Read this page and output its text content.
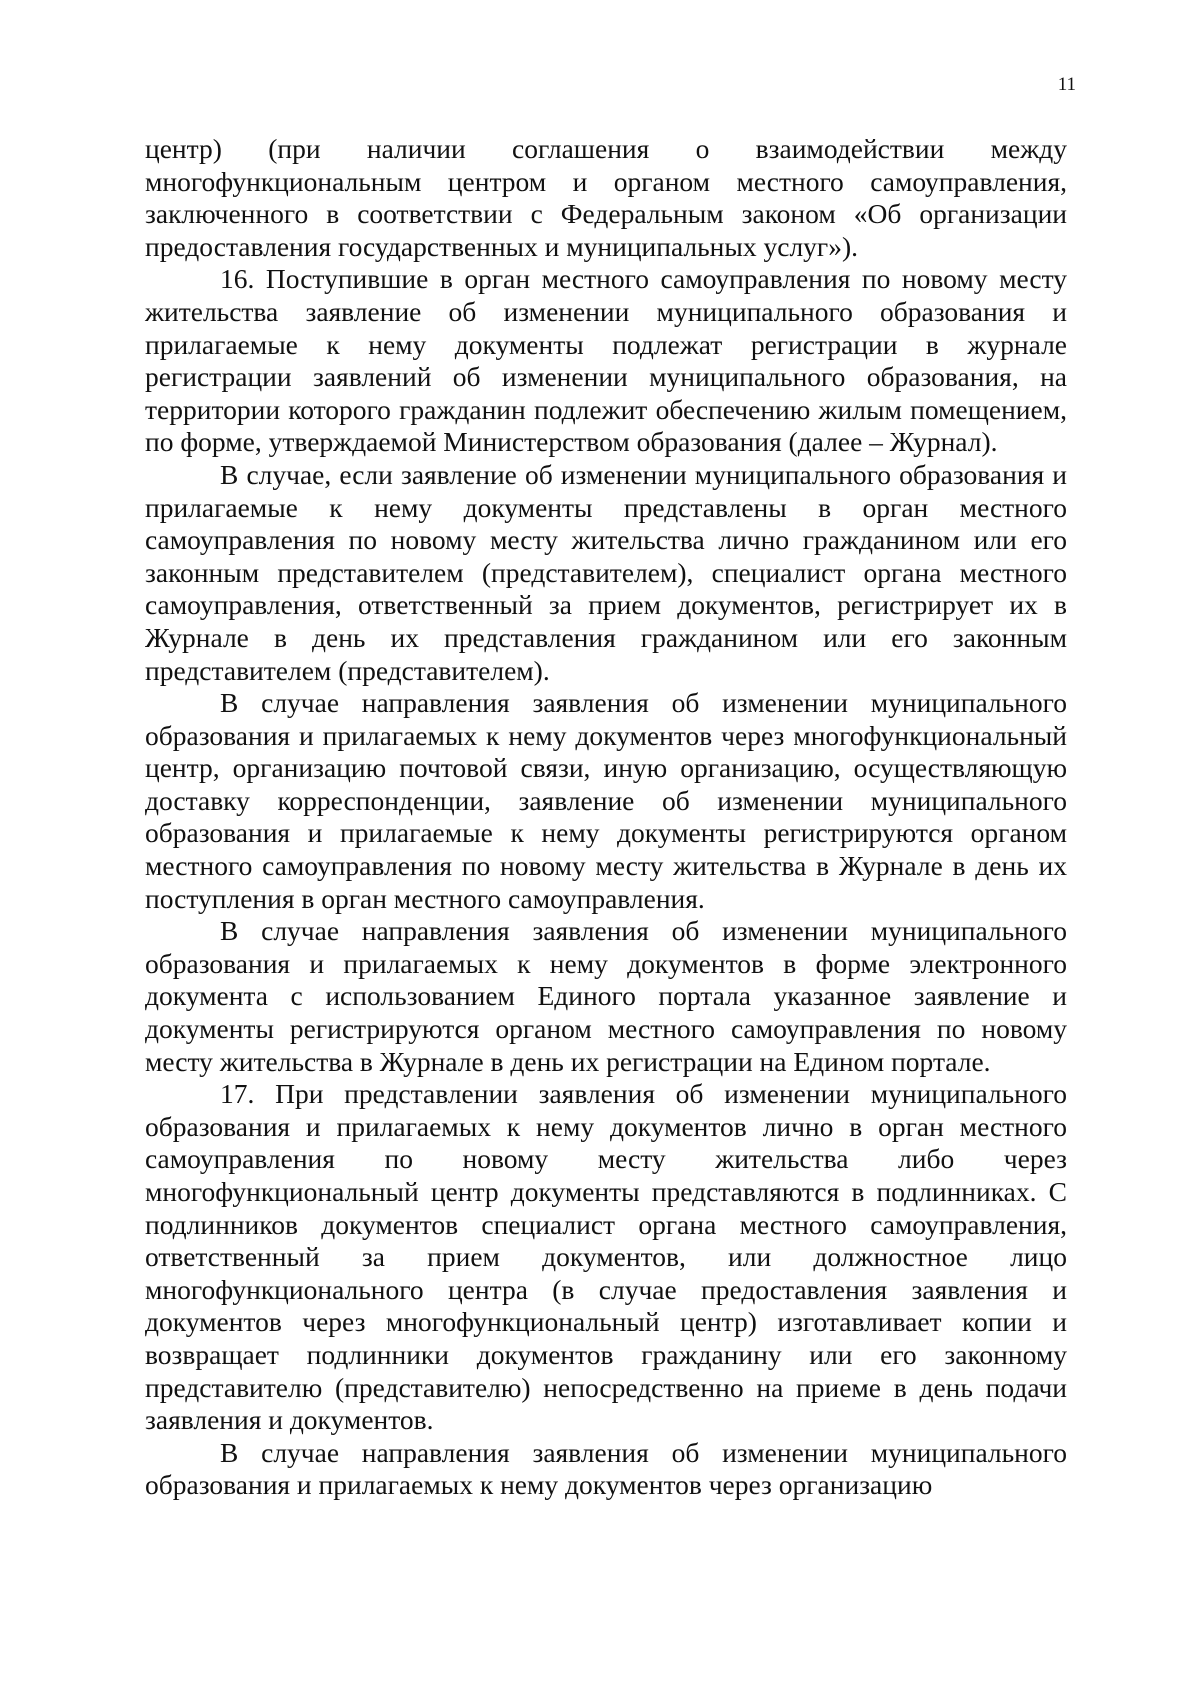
11

центр) (при наличии соглашения о взаимодействии между многофункциональным центром и органом местного самоуправления, заключенного в соответствии с Федеральным законом «Об организации предоставления государственных и муниципальных услуг»).

16. Поступившие в орган местного самоуправления по новому месту жительства заявление об изменении муниципального образования и прилагаемые к нему документы подлежат регистрации в журнале регистрации заявлений об изменении муниципального образования, на территории которого гражданин подлежит обеспечению жилым помещением, по форме, утверждаемой Министерством образования (далее – Журнал).

В случае, если заявление об изменении муниципального образования и прилагаемые к нему документы представлены в орган местного самоуправления по новому месту жительства лично гражданином или его законным представителем (представителем), специалист органа местного самоуправления, ответственный за прием документов, регистрирует их в Журнале в день их представления гражданином или его законным представителем (представителем).

В случае направления заявления об изменении муниципального образования и прилагаемых к нему документов через многофункциональный центр, организацию почтовой связи, иную организацию, осуществляющую доставку корреспонденции, заявление об изменении муниципального образования и прилагаемые к нему документы регистрируются органом местного самоуправления по новому месту жительства в Журнале в день их поступления в орган местного самоуправления.

В случае направления заявления об изменении муниципального образования и прилагаемых к нему документов в форме электронного документа с использованием Единого портала указанное заявление и документы регистрируются органом местного самоуправления по новому месту жительства в Журнале в день их регистрации на Едином портале.

17. При представлении заявления об изменении муниципального образования и прилагаемых к нему документов лично в орган местного самоуправления по новому месту жительства либо через многофункциональный центр документы представляются в подлинниках. С подлинников документов специалист органа местного самоуправления, ответственный за прием документов, или должностное лицо многофункционального центра (в случае предоставления заявления и документов через многофункциональный центр) изготавливает копии и возвращает подлинники документов гражданину или его законному представителю (представителю) непосредственно на приеме в день подачи заявления и документов.

В случае направления заявления об изменении муниципального образования и прилагаемых к нему документов через организацию
